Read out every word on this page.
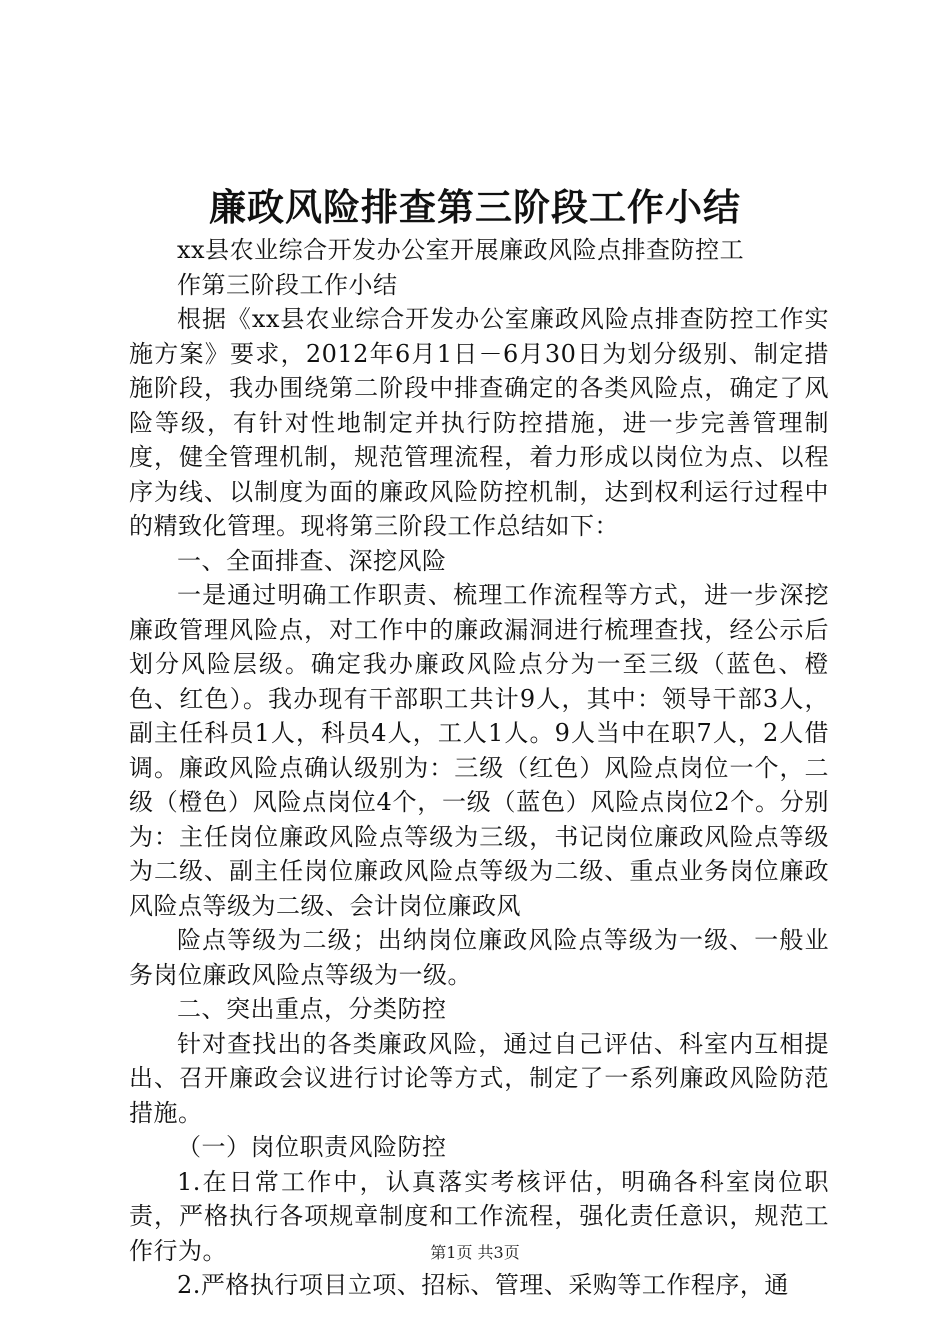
廉政风险排查第三阶段工作小结

xx县农业综合开发办公室开展廉政风险点排查防控工

作第三阶段工作小结

根据《xx县农业综合开发办公室廉政风险点排查防控工作实施方案》要求，2012年6月1日－6月30日为划分级别、制定措施阶段，我办围绕第二阶段中排查确定的各类风险点，确定了风险等级，有针对性地制定并执行防控措施，进一步完善管理制度，健全管理机制，规范管理流程，着力形成以岗位为点、以程序为线、以制度为面的廉政风险防控机制，达到权利运行过程中的精致化管理。现将第三阶段工作总结如下：

一、全面排查、深挖风险

一是通过明确工作职责、梳理工作流程等方式，进一步深挖廉政管理风险点，对工作中的廉政漏洞进行梳理查找，经公示后划分风险层级。确定我办廉政风险点分为一至三级（蓝色、橙色、红色）。我办现有干部职工共计9人，其中：领导干部3人，副主任科员1人，科员4人，工人1人。9人当中在职7人，2人借调。廉政风险点确认级别为：三级（红色）风险点岗位一个，二级（橙色）风险点岗位4个，一级（蓝色）风险点岗位2个。分别为：主任岗位廉政风险点等级为三级，书记岗位廉政风险点等级为二级、副主任岗位廉政风险点等级为二级、重点业务岗位廉政风险点等级为二级、会计岗位廉政风

险点等级为二级；出纳岗位廉政风险点等级为一级、一般业务岗位廉政风险点等级为一级。

二、突出重点，分类防控

针对查找出的各类廉政风险，通过自己评估、科室内互相提出、召开廉政会议进行讨论等方式，制定了一系列廉政风险防范措施。

（一）岗位职责风险防控

1.在日常工作中，认真落实考核评估，明确各科室岗位职责，严格执行各项规章制度和工作流程，强化责任意识，规范工作行为。

2.严格执行项目立项、招标、管理、采购等工作程序，通

第1页 共3页
